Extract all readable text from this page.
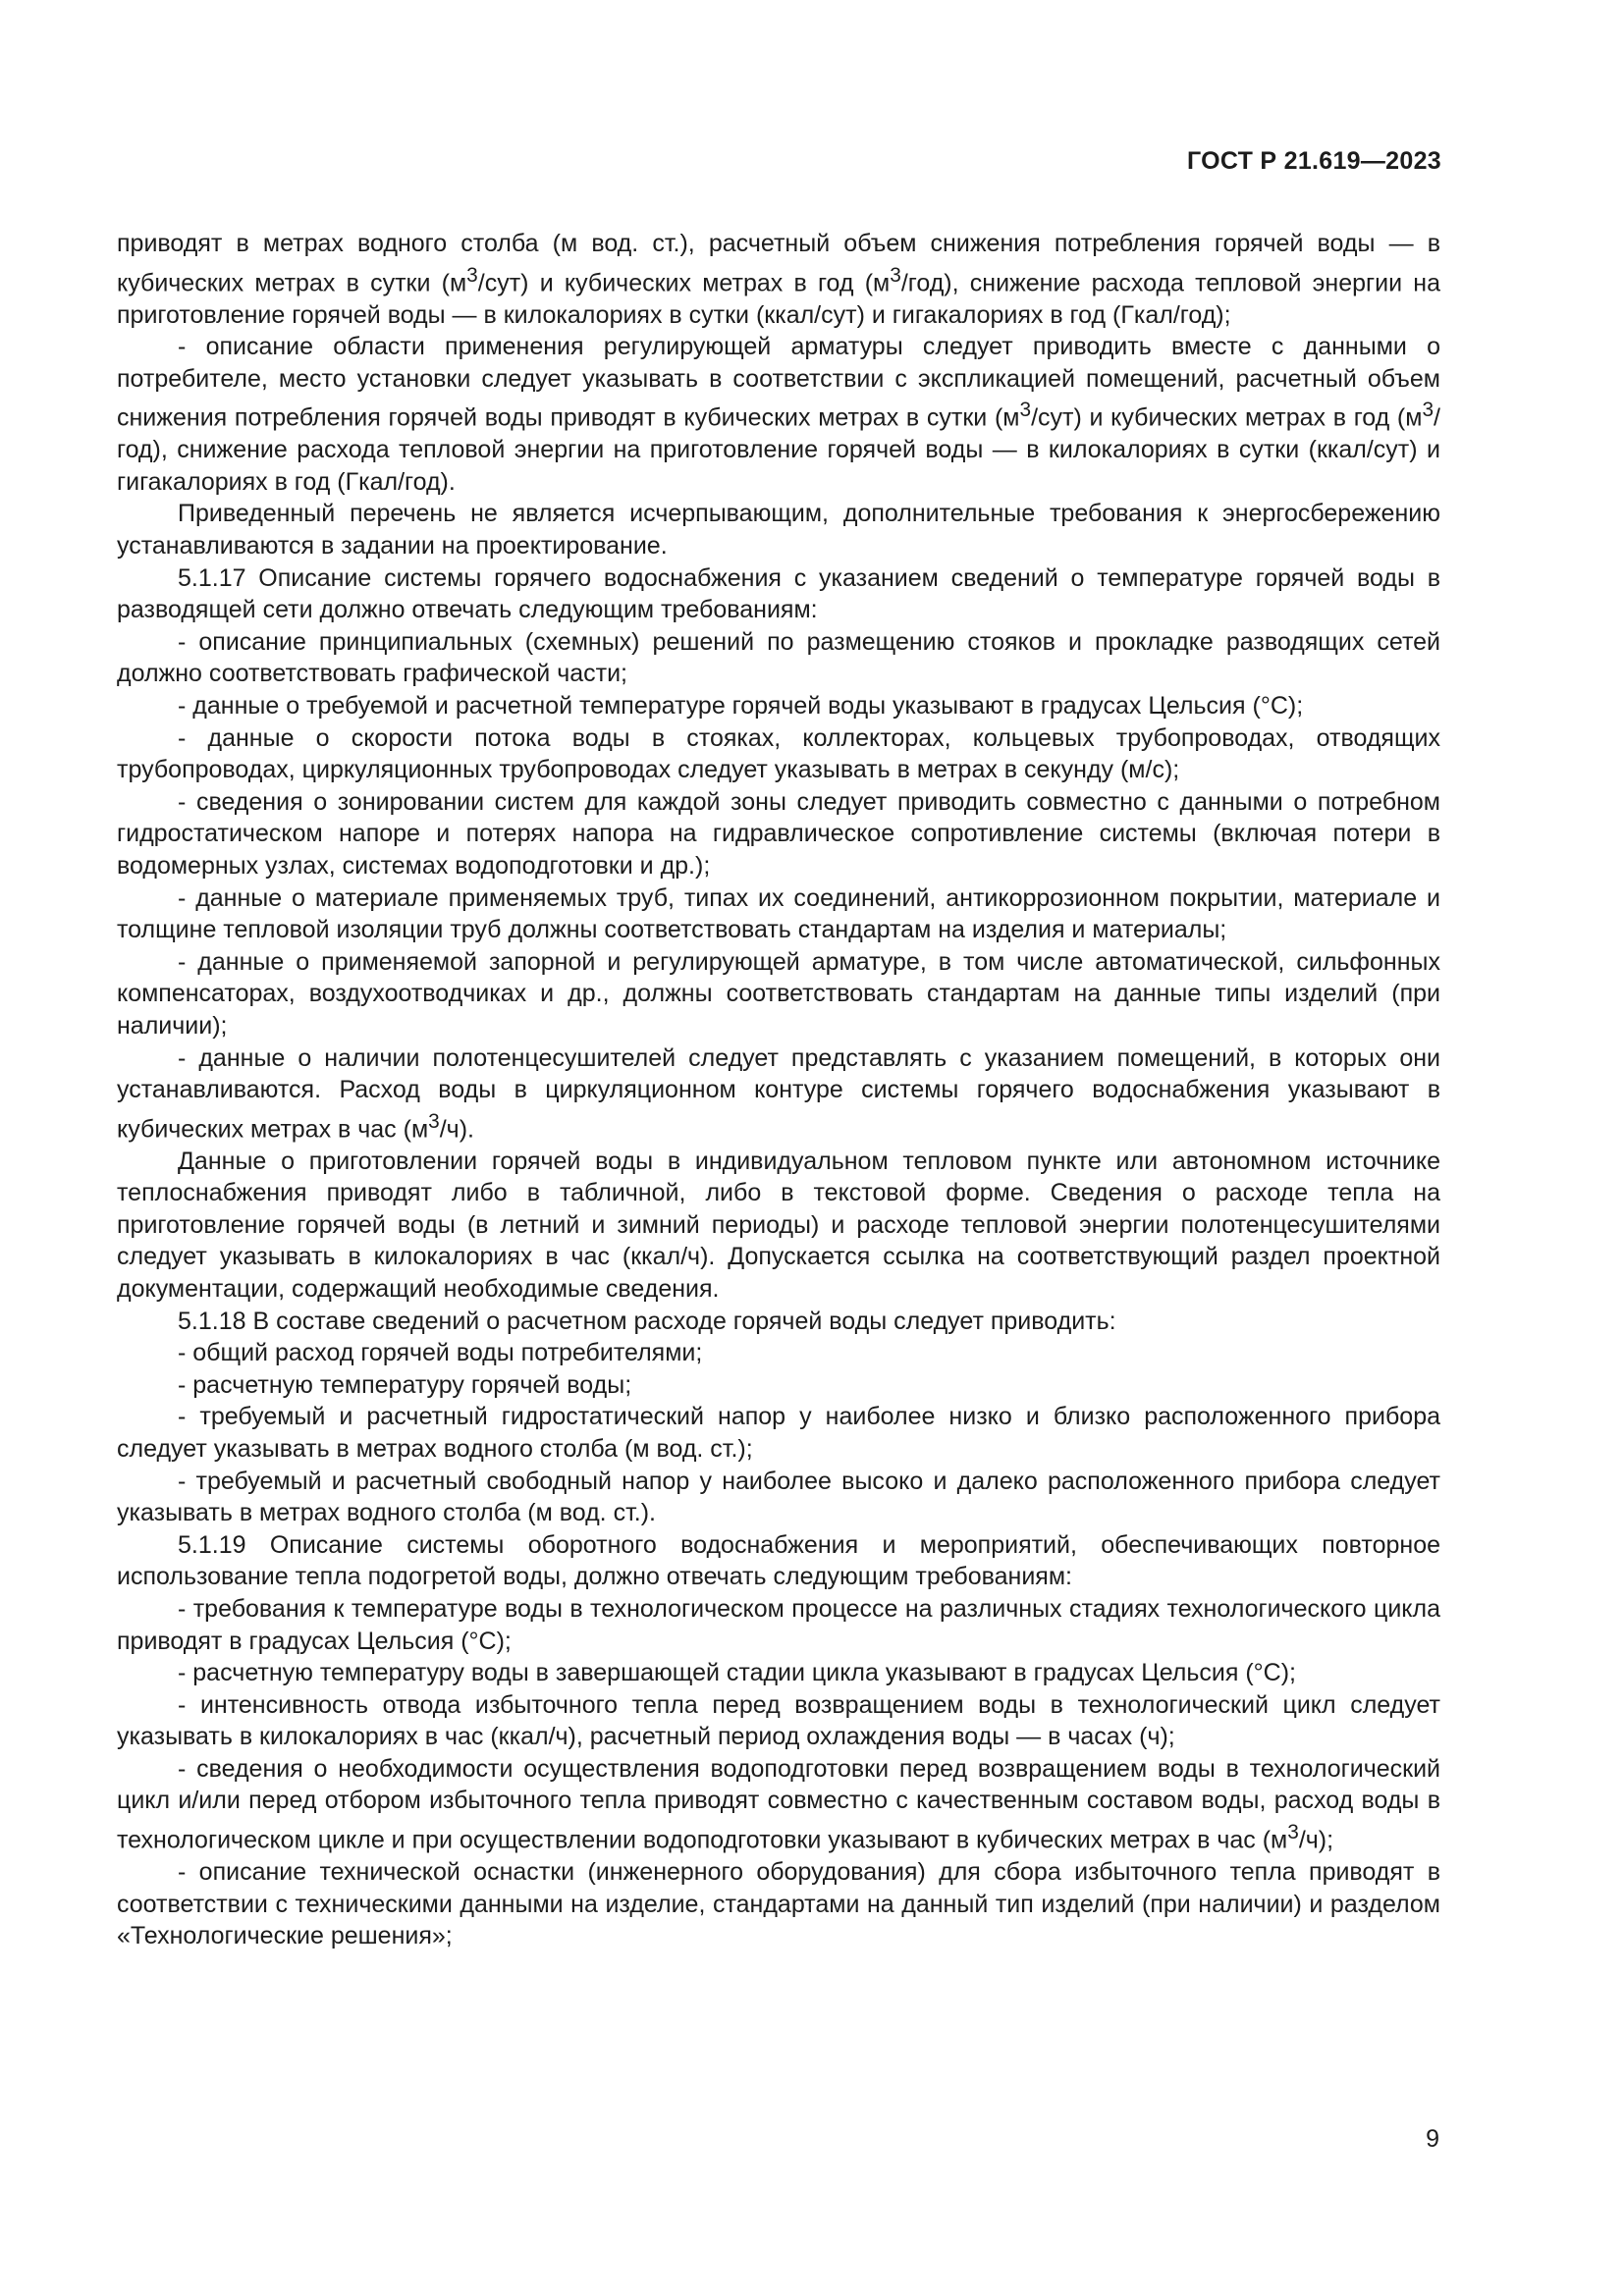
ГОСТ Р 21.619—2023

приводят в метрах водного столба (м вод. ст.), расчетный объем снижения потребления горячей воды — в кубических метрах в сутки $(м^3/сут)$ и кубических метрах в год $(м^3/год)$, снижение расхода тепловой энергии на приготовление горячей воды — в килокалориях в сутки (ккал/сут) и гигакалориях в год (Гкал/год);

- описание области применения регулирующей арматуры следует приводить вместе с данными о потребителе, место установки следует указывать в соответствии с экспликацией помещений, расчетный объем снижения потребления горячей воды приводят в кубических метрах в сутки $(м^3/сут)$ и кубических метрах в год $(м^3/год)$, снижение расхода тепловой энергии на приготовление горячей воды — в килокалориях в сутки (ккал/сут) и гигакалориях в год (Гкал/год).

Приведенный перечень не является исчерпывающим, дополнительные требования к энергосбережению устанавливаются в задании на проектирование.

5.1.17 Описание системы горячего водоснабжения с указанием сведений о температуре горячей воды в разводящей сети должно отвечать следующим требованиям:

- описание принципиальных (схемных) решений по размещению стояков и прокладке разводящих сетей должно соответствовать графической части;

- данные о требуемой и расчетной температуре горячей воды указывают в градусах Цельсия (°С);

- данные о скорости потока воды в стояках, коллекторах, кольцевых трубопроводах, отводящих трубопроводах, циркуляционных трубопроводах следует указывать в метрах в секунду (м/с);

- сведения о зонировании систем для каждой зоны следует приводить совместно с данными о потребном гидростатическом напоре и потерях напора на гидравлическое сопротивление системы (включая потери в водомерных узлах, системах водоподготовки и др.);

- данные о материале применяемых труб, типах их соединений, антикоррозионном покрытии, материале и толщине тепловой изоляции труб должны соответствовать стандартам на изделия и материалы;

- данные о применяемой запорной и регулирующей арматуре, в том числе автоматической, сильфонных компенсаторах, воздухоотводчиках и др., должны соответствовать стандартам на данные типы изделий (при наличии);

- данные о наличии полотенцесушителей следует представлять с указанием помещений, в которых они устанавливаются. Расход воды в циркуляционном контуре системы горячего водоснабжения указывают в кубических метрах в час $(м^3/ч)$.

Данные о приготовлении горячей воды в индивидуальном тепловом пункте или автономном источнике теплоснабжения приводят либо в табличной, либо в текстовой форме. Сведения о расходе тепла на приготовление горячей воды (в летний и зимний периоды) и расходе тепловой энергии полотенцесушителями следует указывать в килокалориях в час (ккал/ч). Допускается ссылка на соответствующий раздел проектной документации, содержащий необходимые сведения.

5.1.18 В составе сведений о расчетном расходе горячей воды следует приводить:

- общий расход горячей воды потребителями;

- расчетную температуру горячей воды;

- требуемый и расчетный гидростатический напор у наиболее низко и близко расположенного прибора следует указывать в метрах водного столба (м вод. ст.);

- требуемый и расчетный свободный напор у наиболее высоко и далеко расположенного прибора следует указывать в метрах водного столба (м вод. ст.).

5.1.19 Описание системы оборотного водоснабжения и мероприятий, обеспечивающих повторное использование тепла подогретой воды, должно отвечать следующим требованиям:

- требования к температуре воды в технологическом процессе на различных стадиях технологического цикла приводят в градусах Цельсия (°С);

- расчетную температуру воды в завершающей стадии цикла указывают в градусах Цельсия (°С);

- интенсивность отвода избыточного тепла перед возвращением воды в технологический цикл следует указывать в килокалориях в час (ккал/ч), расчетный период охлаждения воды — в часах (ч);

- сведения о необходимости осуществления водоподготовки перед возвращением воды в технологический цикл и/или перед отбором избыточного тепла приводят совместно с качественным составом воды, расход воды в технологическом цикле и при осуществлении водоподготовки указывают в кубических метрах в час $(м^3/ч)$;

- описание технической оснастки (инженерного оборудования) для сбора избыточного тепла приводят в соответствии с техническими данными на изделие, стандартами на данный тип изделий (при наличии) и разделом «Технологические решения»;

9
